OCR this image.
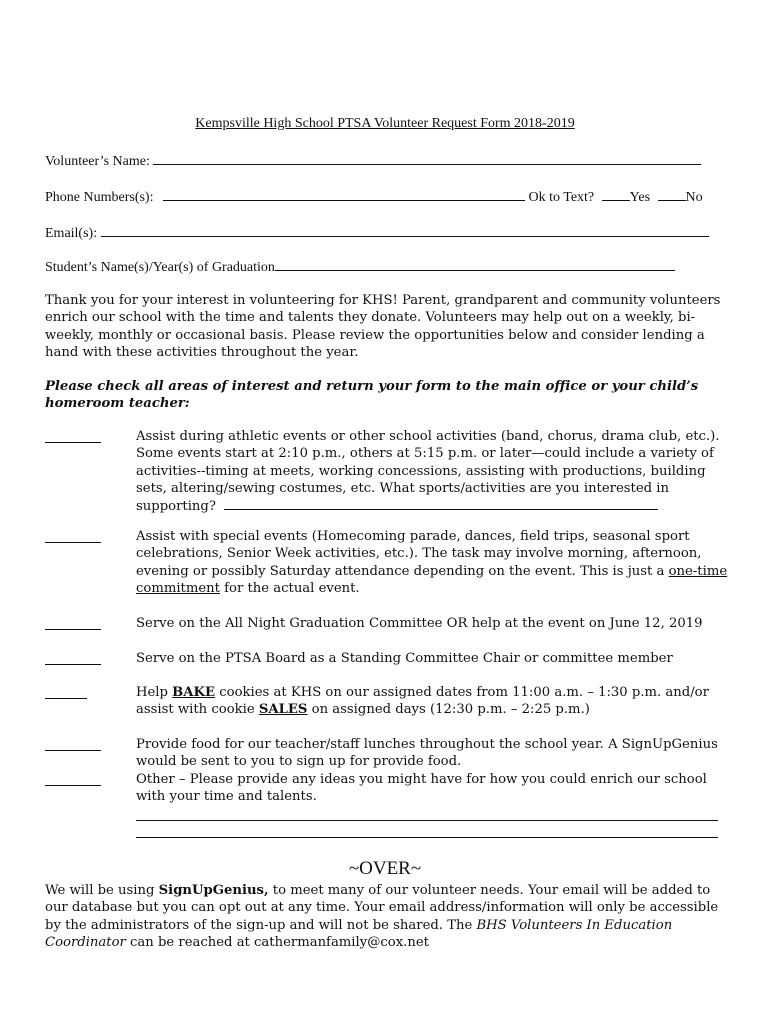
Kempsville High School PTSA Volunteer Request Form 2018-2019
Volunteer’s Name:
Phone Numbers(s):	Ok to Text?	Yes	No
Email(s):
Student’s Name(s)/Year(s) of Graduation
Thank you for your interest in volunteering for KHS! Parent, grandparent and community volunteers enrich our school with the time and talents they donate. Volunteers may help out on a weekly, bi-weekly, monthly or occasional basis. Please review the opportunities below and consider lending a hand with these activities throughout the year.
Please check all areas of interest and return your form to the main office or your child’s homeroom teacher:
Assist during athletic events or other school activities (band, chorus, drama club, etc.). Some events start at 2:10 p.m., others at 5:15 p.m. or later—could include a variety of activities--timing at meets, working concessions, assisting with productions, building sets, altering/sewing costumes, etc. What sports/activities are you interested in supporting?
Assist with special events (Homecoming parade, dances, field trips, seasonal sport celebrations, Senior Week activities, etc.). The task may involve morning, afternoon, evening or possibly Saturday attendance depending on the event. This is just a one-time commitment for the actual event.
Serve on the All Night Graduation Committee OR help at the event on June 12, 2019
Serve on the PTSA Board as a Standing Committee Chair or committee member
Help BAKE cookies at KHS on our assigned dates from 11:00 a.m. – 1:30 p.m. and/or assist with cookie SALES on assigned days (12:30 p.m. – 2:25 p.m.)
Provide food for our teacher/staff lunches throughout the school year. A SignUpGenius would be sent to you to sign up for provide food.
Other – Please provide any ideas you might have for how you could enrich our school with your time and talents.
~OVER~
We will be using SignUpGenius, to meet many of our volunteer needs. Your email will be added to our database but you can opt out at any time. Your email address/information will only be accessible by the administrators of the sign-up and will not be shared. The BHS Volunteers In Education Coordinator can be reached at cathermanfamily@cox.net
